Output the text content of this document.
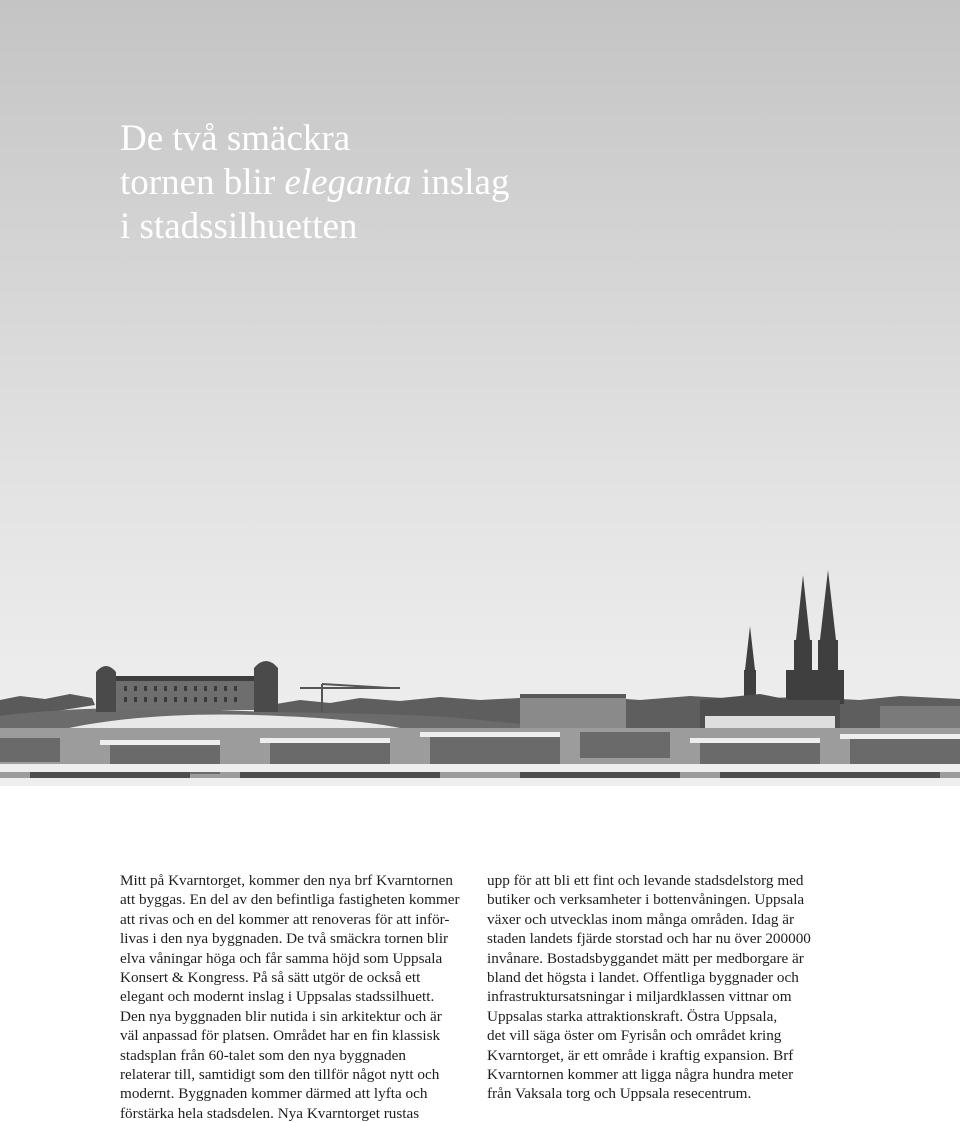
De två smäckra
tornen blir eleganta inslag
i stadssilhuetten

Mitt på Kvarntorget, kommer den nya brf Kvarntornen
att byggas. En del av den befintliga fastigheten kommer
att rivas och en del kommer att renoveras för att inför-
livas i den nya byggnaden. De två smäckra tornen blir
elva våningar höga och får samma höjd som Uppsala
Konsert & Kongress. På så sätt utgör de också ett
elegant och modernt inslag i Uppsalas stadssilhuett.
Den nya byggnaden blir nutida i sin arkitektur och är
väl anpassad för platsen. Området har en fin klassisk
stadsplan från 60-talet som den nya byggnaden
relaterar till, samtidigt som den tillför något nytt och
modernt. Byggnaden kommer därmed att lyfta och
förstärka hela stadsdelen. Nya Kvarntorget rustas

upp för att bli ett fint och levande stadsdelstorg med
butiker och verksamheter i bottenvåningen. Uppsala
växer och utvecklas inom många områden. Idag är
staden landets fjärde storstad och har nu över 200000
invånare. Bostadsbyggandet mätt per medborgare är
bland det högsta i landet. Offentliga byggnader och
infrastruktursatsningar i miljardklassen vittnar om
Uppsalas starka attraktionskraft. Östra Uppsala,
det vill säga öster om Fyrisån och området kring
Kvarntorget, är ett område i kraftig expansion. Brf
Kvarntornen kommer att ligga några hundra meter
från Vaksala torg och Uppsala resecentrum.
